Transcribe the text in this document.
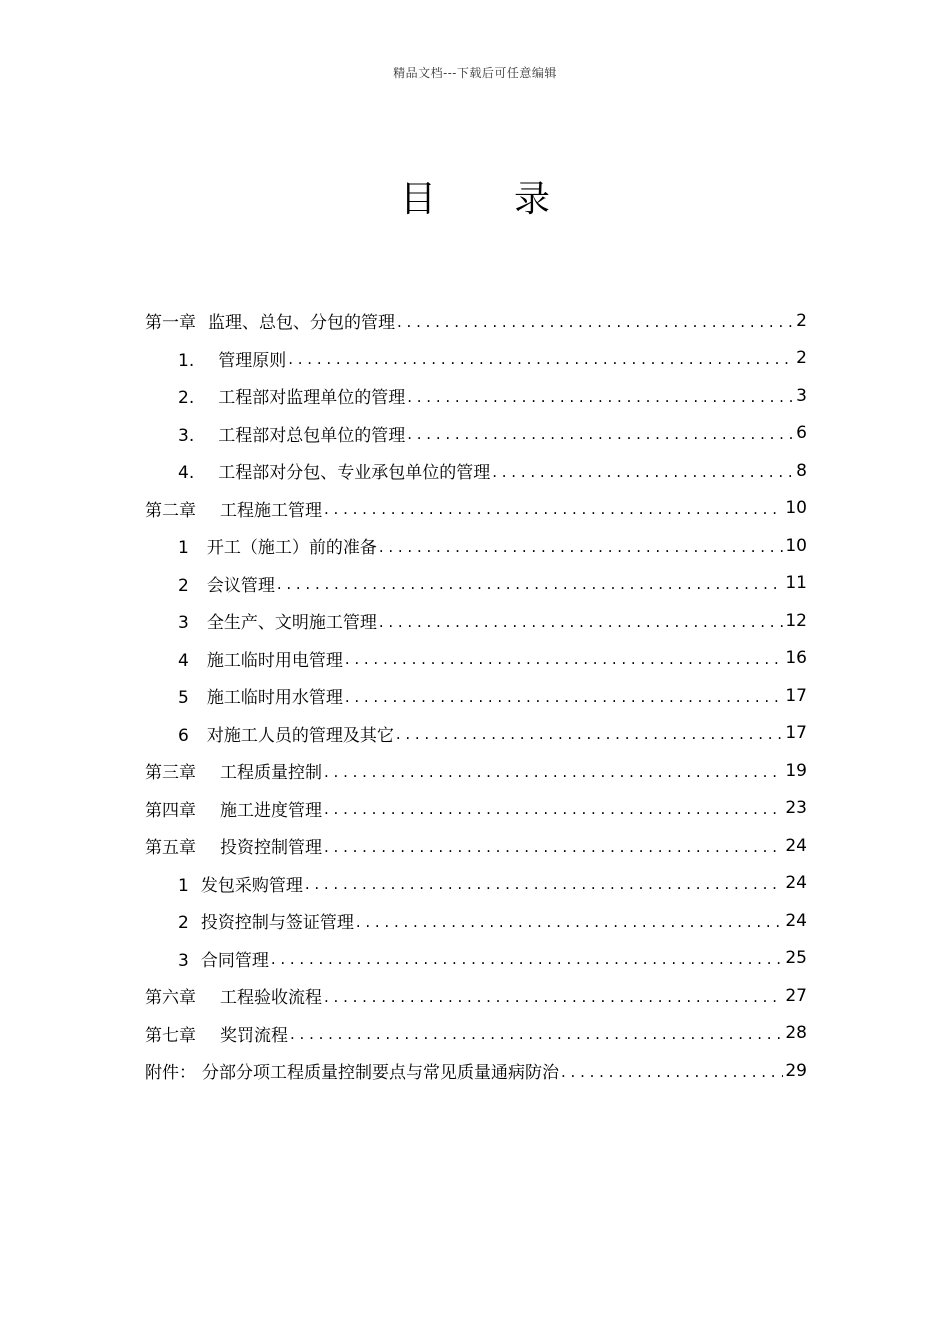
精品文档---下载后可任意编辑
目 录
第一章 监理、总包、分包的管理 . . .	2
1. 管理原则 . . .	2
2. 工程部对监理单位的管理 . . .	3
3. 工程部对总包单位的管理 . . .	6
4. 工程部对分包、专业承包单位的管理 . . .	8
第二章 工程施工管理 . . .	10
1 开工（施工）前的准备 . . .	10
2 会议管理 . . .	11
3 全生产、文明施工管理 . . .	12
4 施工临时用电管理 . . .	16
5 施工临时用水管理 . . .	17
6 对施工人员的管理及其它 . . .	17
第三章 工程质量控制 . . .	19
第四章 施工进度管理 . . .	23
第五章 投资控制管理 . . .	24
1 发包采购管理 . . .	24
2 投资控制与签证管理 . . .	24
3 合同管理 . . .	25
第六章 工程验收流程 . . .	27
第七章 奖罚流程 . . .	28
附件： 分部分项工程质量控制要点与常见质量通病防治 . . .	29
